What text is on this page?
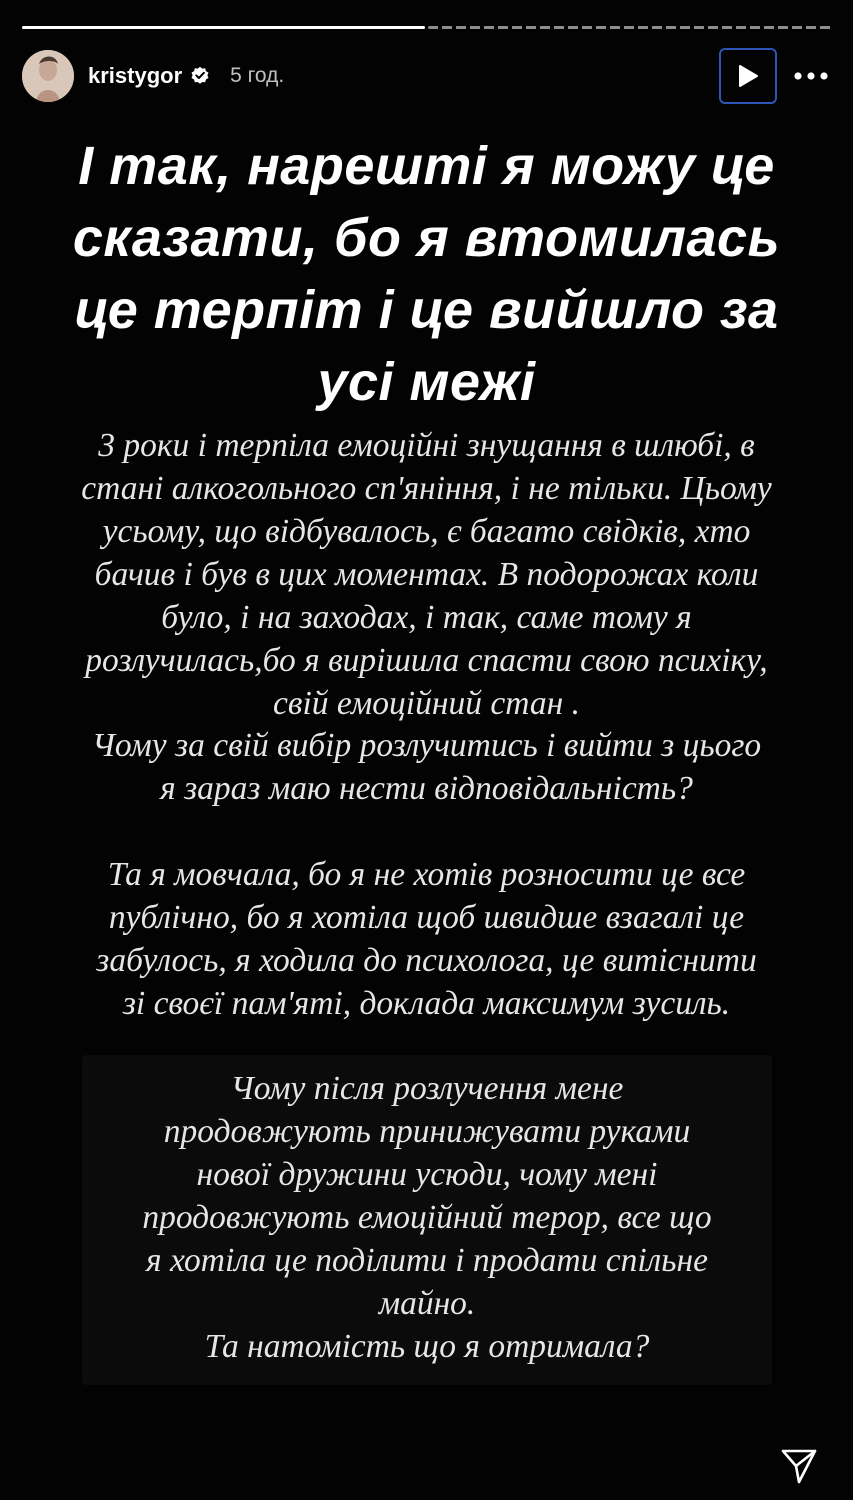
kristygor 5 год.
І так, нарешті я можу це
сказати, бо я втомилась
це терпіт і це вийшло за
усі межі
3 роки і терпіла емоційні знущання в шлюбі, в
стані алкогольного сп'яніння, і не тільки. Цьому
усьому, що відбувалось, є багато свідків, хто
бачив і був в цих моментах. В подорожах коли
було, і на заходах, і так, саме тому я
розлучилась,бо я вирішила спасти свою психіку,
свій емоційний стан .
Чому за свій вибір розлучитись і вийти з цього
я зараз маю нести відповідальність?
Та я мовчала, бо я не хотів розносити це все
публічно, бо я хотіла щоб швидше взагалі це
забулось, я ходила до психолога, це витіснити
зі своєї пам'яті, доклада максимум зусиль.
Чому після розлучення мене
продовжують принижувати руками
нової дружини усюди, чому мені
продовжують емоційний терор, все що
я хотіла це поділити і продати спільне
майно.
Та натомість що я отримала?
